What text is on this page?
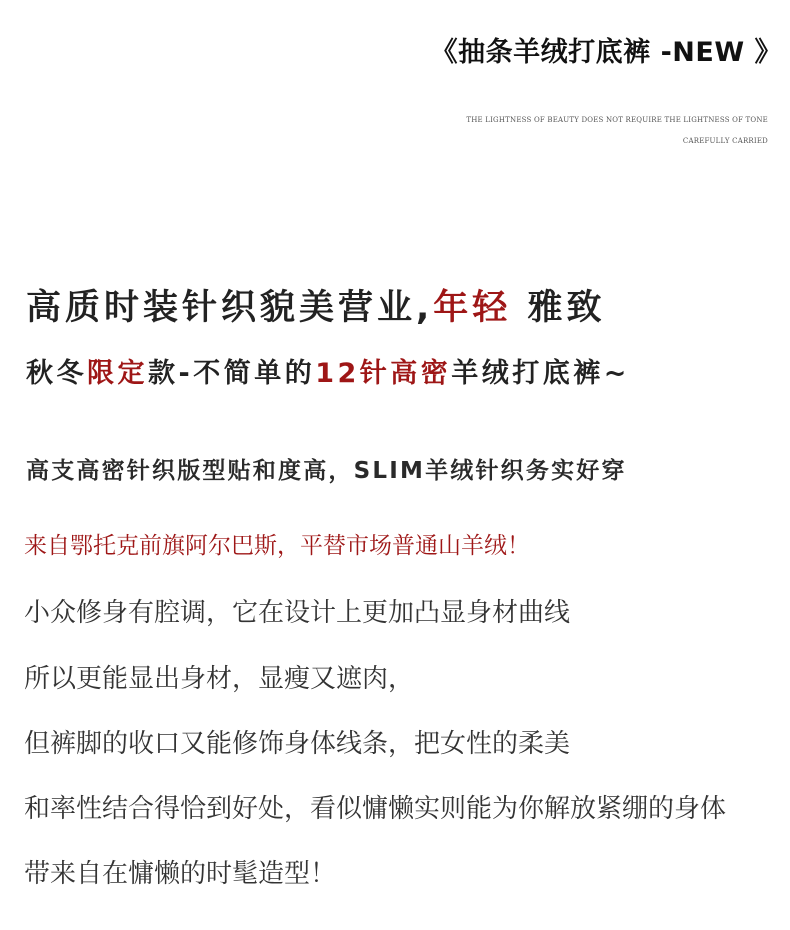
《抽条羊绒打底裤 -NEW 》
THE LIGHTNESS OF BEAUTY DOES NOT REQUIRE THE LIGHTNESS OF TONE
CAREFULLY CARRIED
高质时装针织貌美营业,年轻 雅致
秋冬限定款-不简单的12针高密羊绒打底裤~
高支高密针织版型贴和度高，SLIM羊绒针织务实好穿
来自鄂托克前旗阿尔巴斯，平替市场普通山羊绒！
小众修身有腔调，它在设计上更加凸显身材曲线
所以更能显出身材，显瘦又遮肉，
但裤脚的收口又能修饰身体线条，把女性的柔美
和率性结合得恰到好处，看似慵懒实则能为你解放紧绷的身体
带来自在慵懒的时髦造型！
